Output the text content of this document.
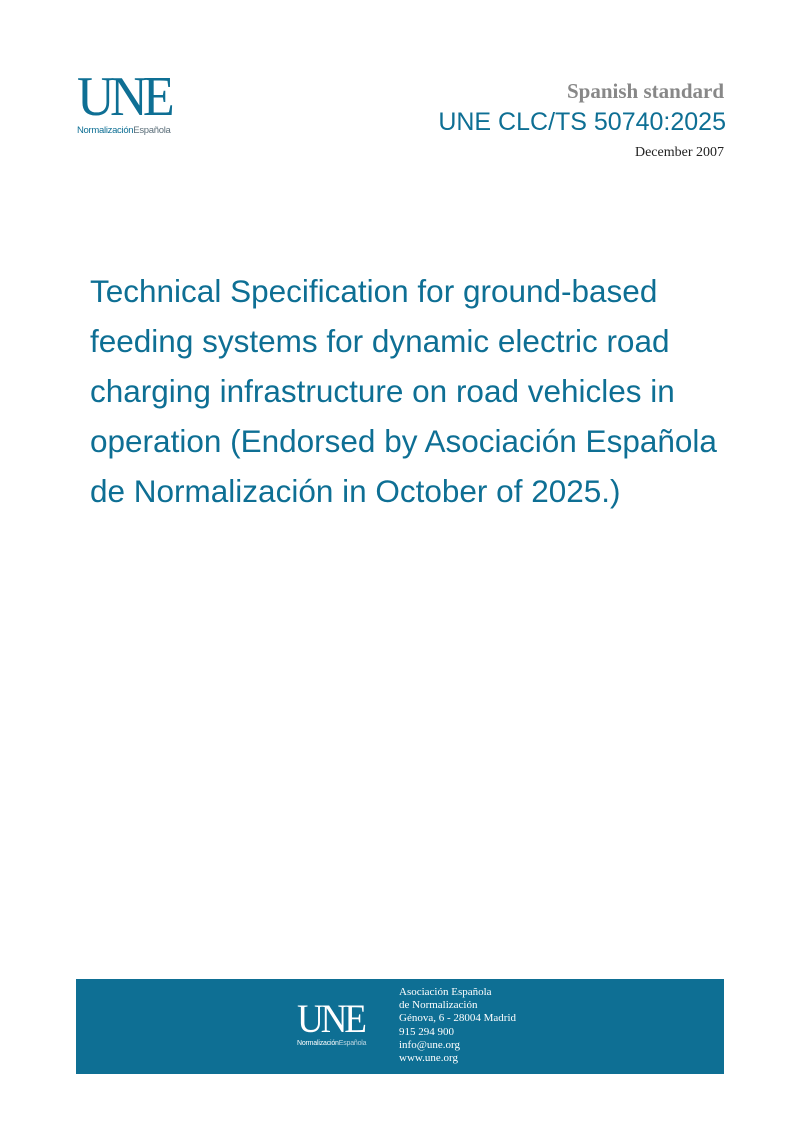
UNE
NormalizaciónEspañola
Spanish standard
UNE CLC/TS 50740:2025
December 2007
Technical Specification for ground-based feeding systems for dynamic electric road charging infrastructure on road vehicles in operation (Endorsed by Asociación Española de Normalización in October of 2025.)
UNE
NormalizaciónEspañola
Asociación Española
de Normalización
Génova, 6 - 28004 Madrid
915 294 900
info@une.org
www.une.org
